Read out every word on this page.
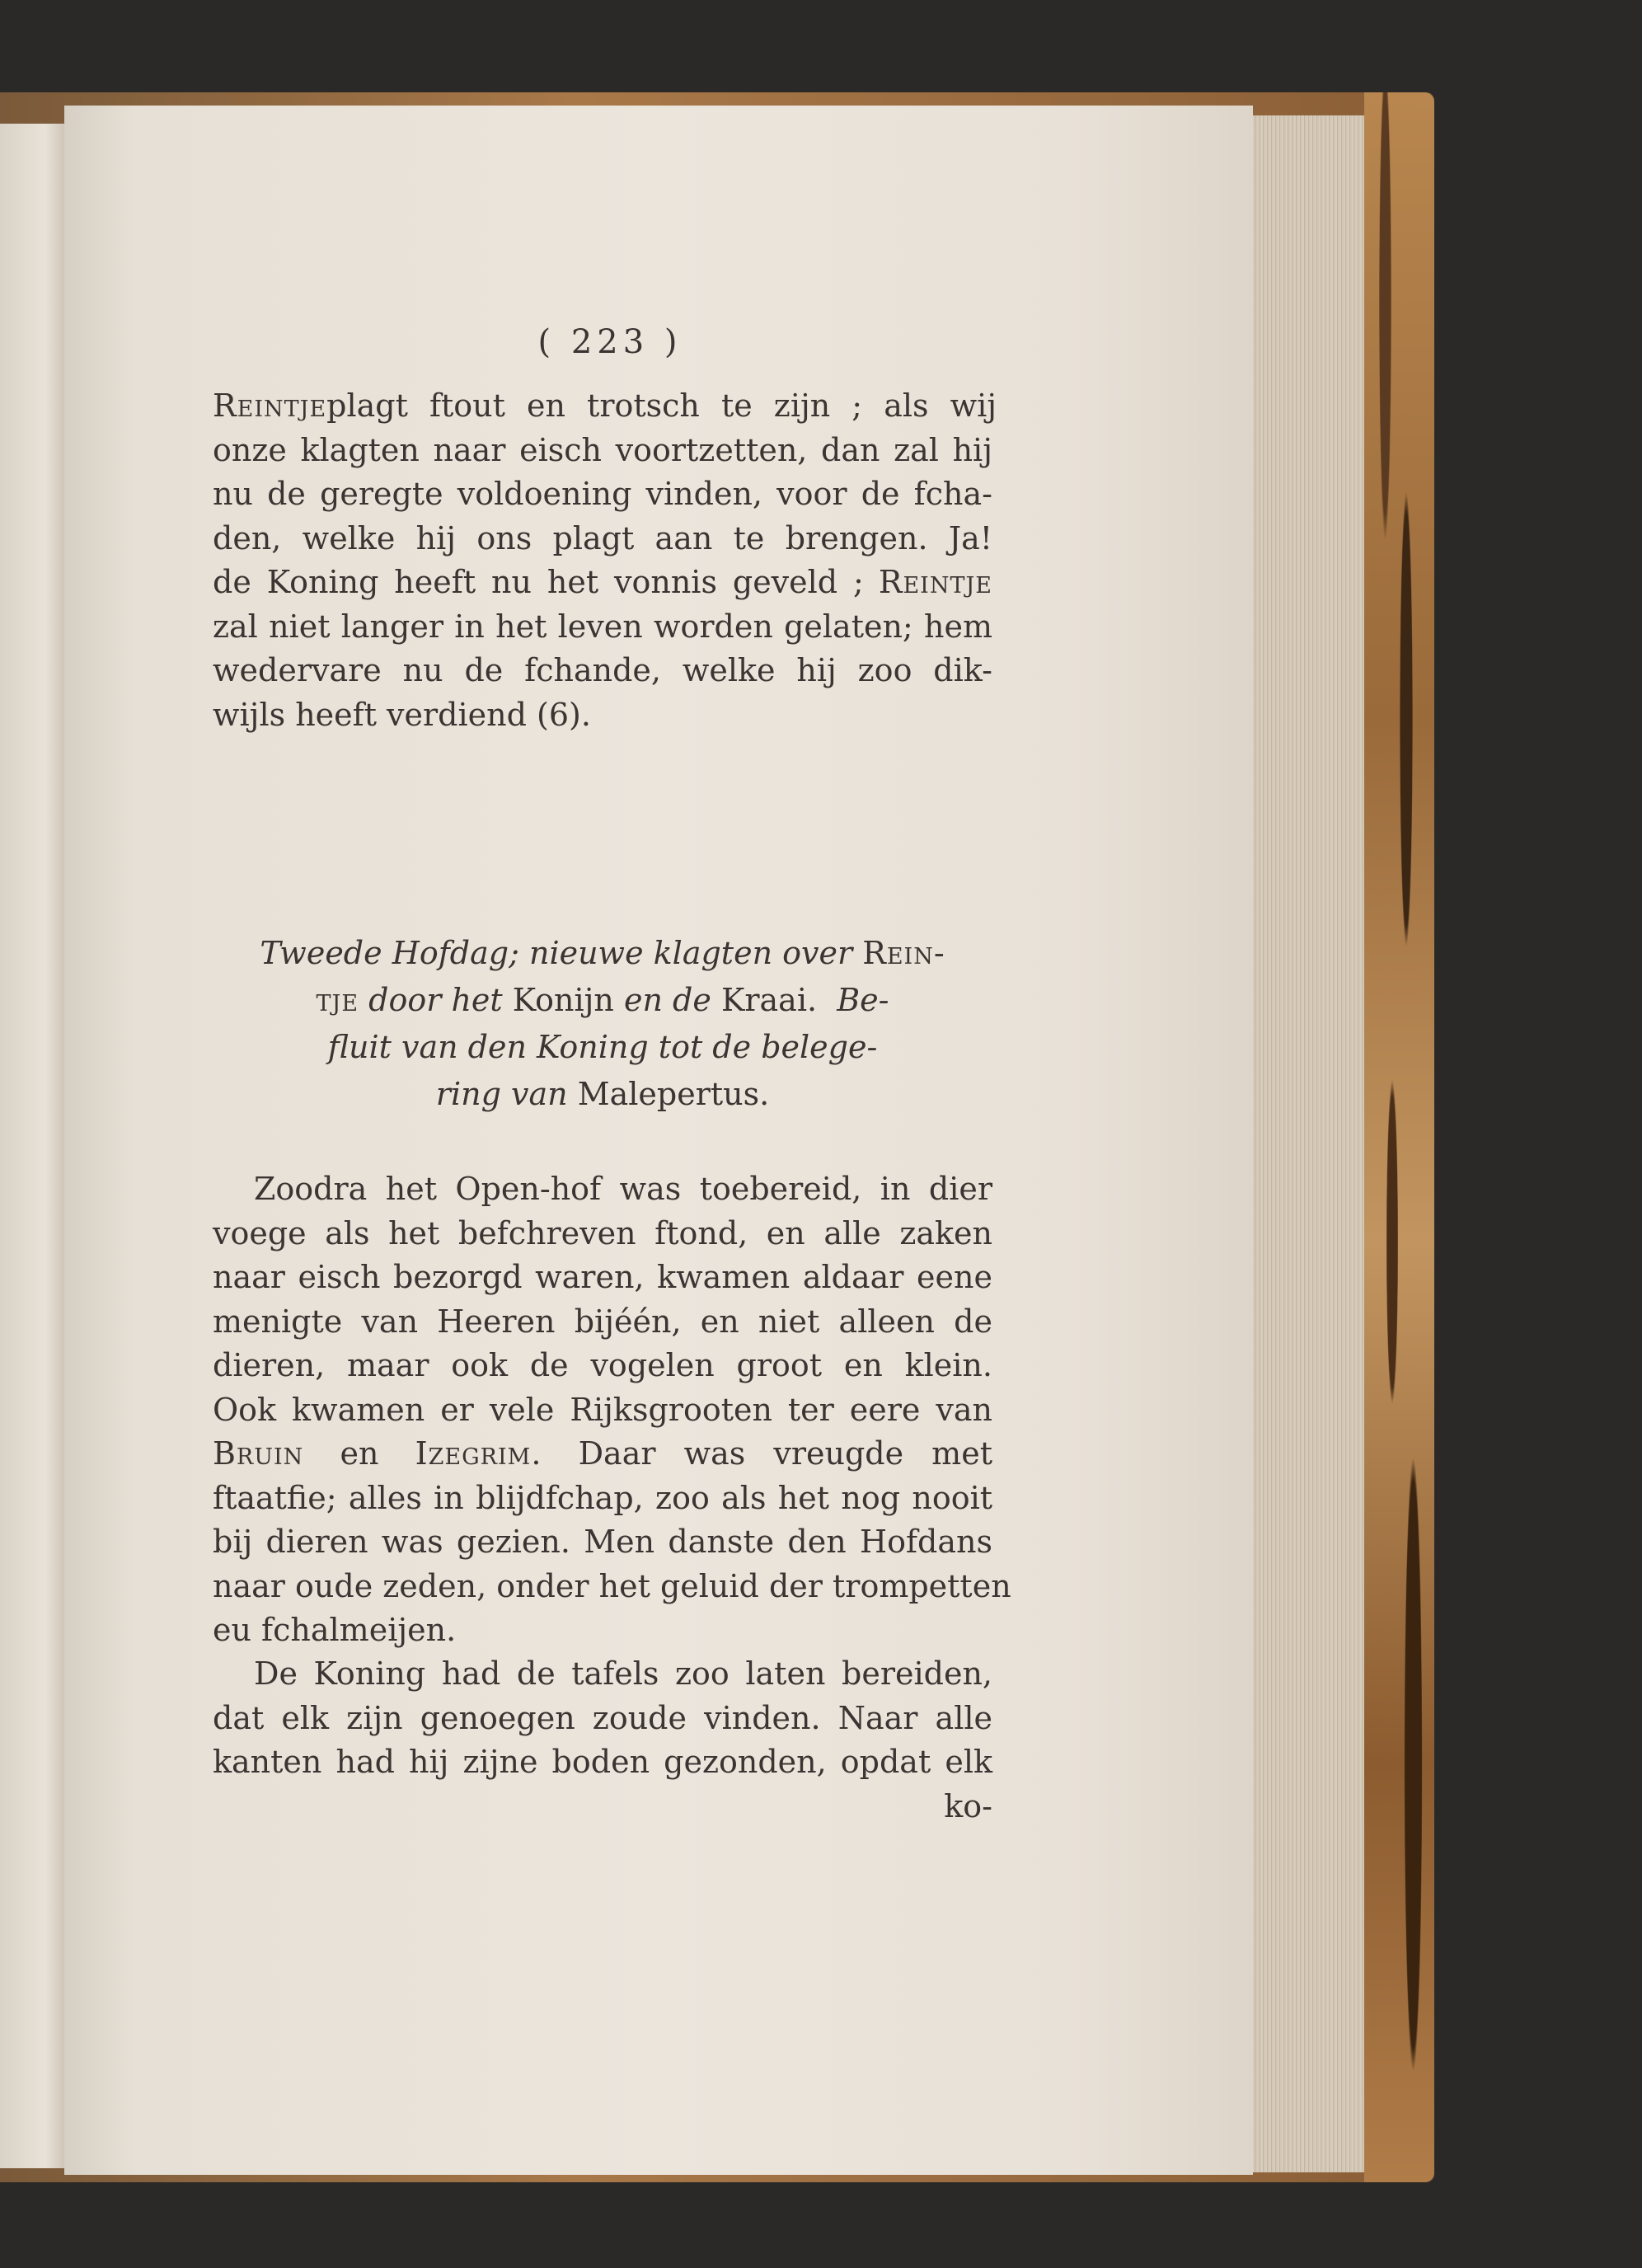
( 223 )
Reintje plagt ftout en trotsch te zijn ; als wij
onze klagten naar eisch voortzetten, dan zal hij
nu de geregte voldoening vinden, voor de fcha-
den, welke hij ons plagt aan te brengen. Ja!
de Koning heeft nu het vonnis geveld ; Reintje
zal niet langer in het leven worden gelaten; hem
wedervare nu de fchande, welke hij zoo dik-
wijls heeft verdiend (6).
Tweede Hofdag; nieuwe klagten over Rein-
tje door het Konijn en de Kraai. Be-
fluit van den Koning tot de belege-
ring van Malepertus.
Zoodra het Open-hof was toebereid, in dier
voege als het befchreven ftond, en alle zaken
naar eisch bezorgd waren, kwamen aldaar eene
menigte van Heeren bijéén, en niet alleen de
dieren, maar ook de vogelen groot en klein.
Ook kwamen er vele Rijksgrooten ter eere van
Bruin en Izegrim. Daar was vreugde met
ftaatfie; alles in blijdfchap, zoo als het nog nooit
bij dieren was gezien. Men danste den Hofdans
naar oude zeden, onder het geluid der trompetten
eu fchalmeijen.
De Koning had de tafels zoo laten bereiden,
dat elk zijn genoegen zoude vinden. Naar alle
kanten had hij zijne boden gezonden, opdat elk
ko-
